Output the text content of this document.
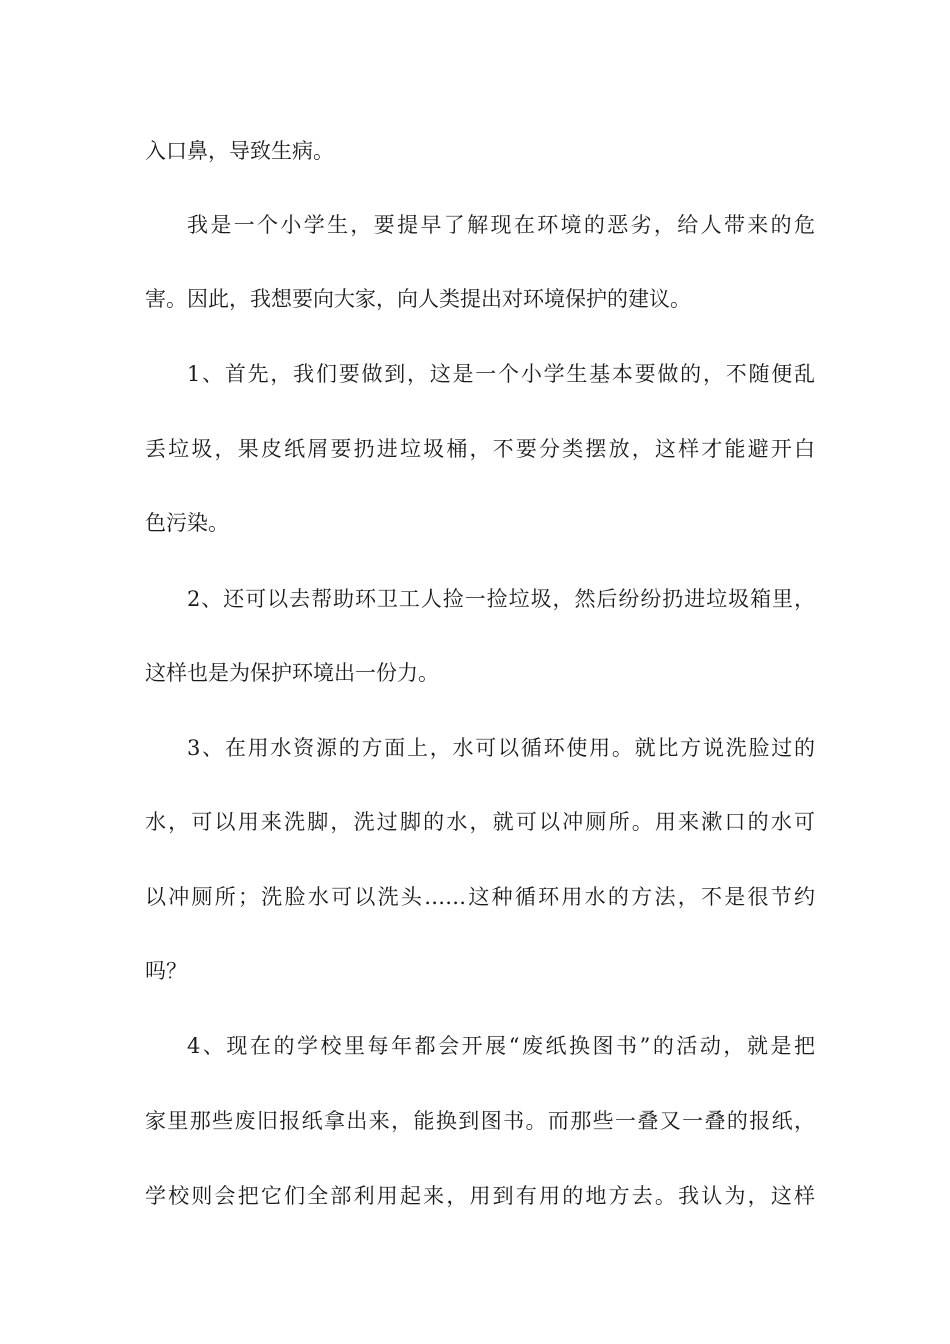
入口鼻，导致生病。
我是一个小学生，要提早了解现在环境的恶劣，给人带来的危
害。因此，我想要向大家，向人类提出对环境保护的建议。
1、首先，我们要做到，这是一个小学生基本要做的，不随便乱
丢垃圾，果皮纸屑要扔进垃圾桶，不要分类摆放，这样才能避开白
色污染。
2、还可以去帮助环卫工人捡一捡垃圾，然后纷纷扔进垃圾箱里，
这样也是为保护环境出一份力。
3、在用水资源的方面上，水可以循环使用。就比方说洗脸过的
水，可以用来洗脚，洗过脚的水，就可以冲厕所。用来漱口的水可
以冲厕所；洗脸水可以洗头……这种循环用水的方法，不是很节约
吗？
4、现在的学校里每年都会开展“废纸换图书”的活动，就是把
家里那些废旧报纸拿出来，能换到图书。而那些一叠又一叠的报纸，
学校则会把它们全部利用起来，用到有用的地方去。我认为，这样
